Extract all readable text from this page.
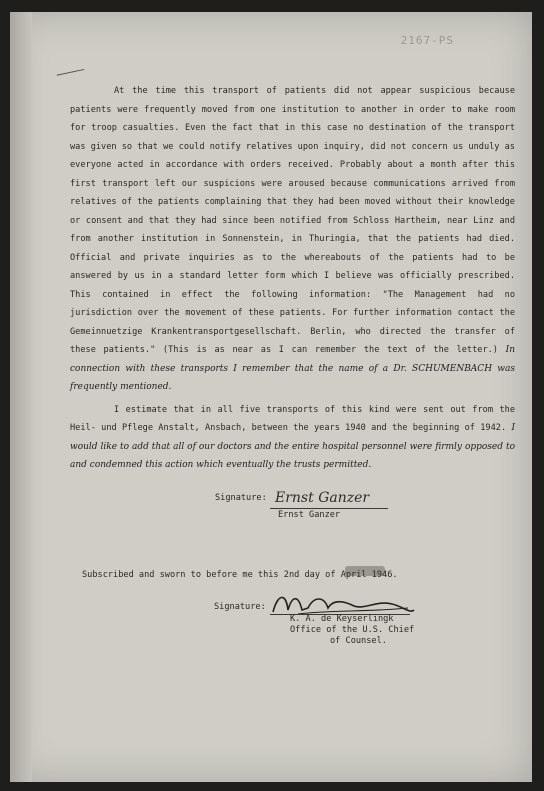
2167-PS

At the time this transport of patients did not appear suspicious because patients were frequently moved from one institution to another in order to make room for troop casualties. Even the fact that in this case no destination of the transport was given so that we could notify relatives upon inquiry, did not concern us unduly as everyone acted in accordance with orders received. Probably about a month after this first transport left our suspicions were aroused because communications arrived from relatives of the patients complaining that they had been moved without their knowledge or consent and that they had since been notified from Schloss Hartheim, near Linz and from another institution in Sonnenstein, in Thuringia, that the patients had died. Official and private inquiries as to the whereabouts of the patients had to be answered by us in a standard letter form which I believe was officially prescribed. This contained in effect the following information: "The Management had no jurisdiction over the movement of these patients. For further information contact the Gemeinnuetzige Krankentransportgesellschaft. Berlin, who directed the transfer of these patients." (This is as near as I can remember the text of the letter.) In connection with these transports I remember that the name of a Dr. SCHUMENBACH was frequently mentioned.

I estimate that in all five transports of this kind were sent out from the Heil- und Pflege Anstalt, Ansbach, between the years 1940 and the beginning of 1942. I would like to add that all of our doctors and the entire hospital personnel were firmly opposed to and condemned this action which eventually the trusts permitted.

Signature: Ernst Ganzer
Ernst Ganzer
Subscribed and sworn to before me this 2nd day of April 1946.
Signature:
K. A. de Keyserlingk
Office of the U.S. Chief
of Counsel.
